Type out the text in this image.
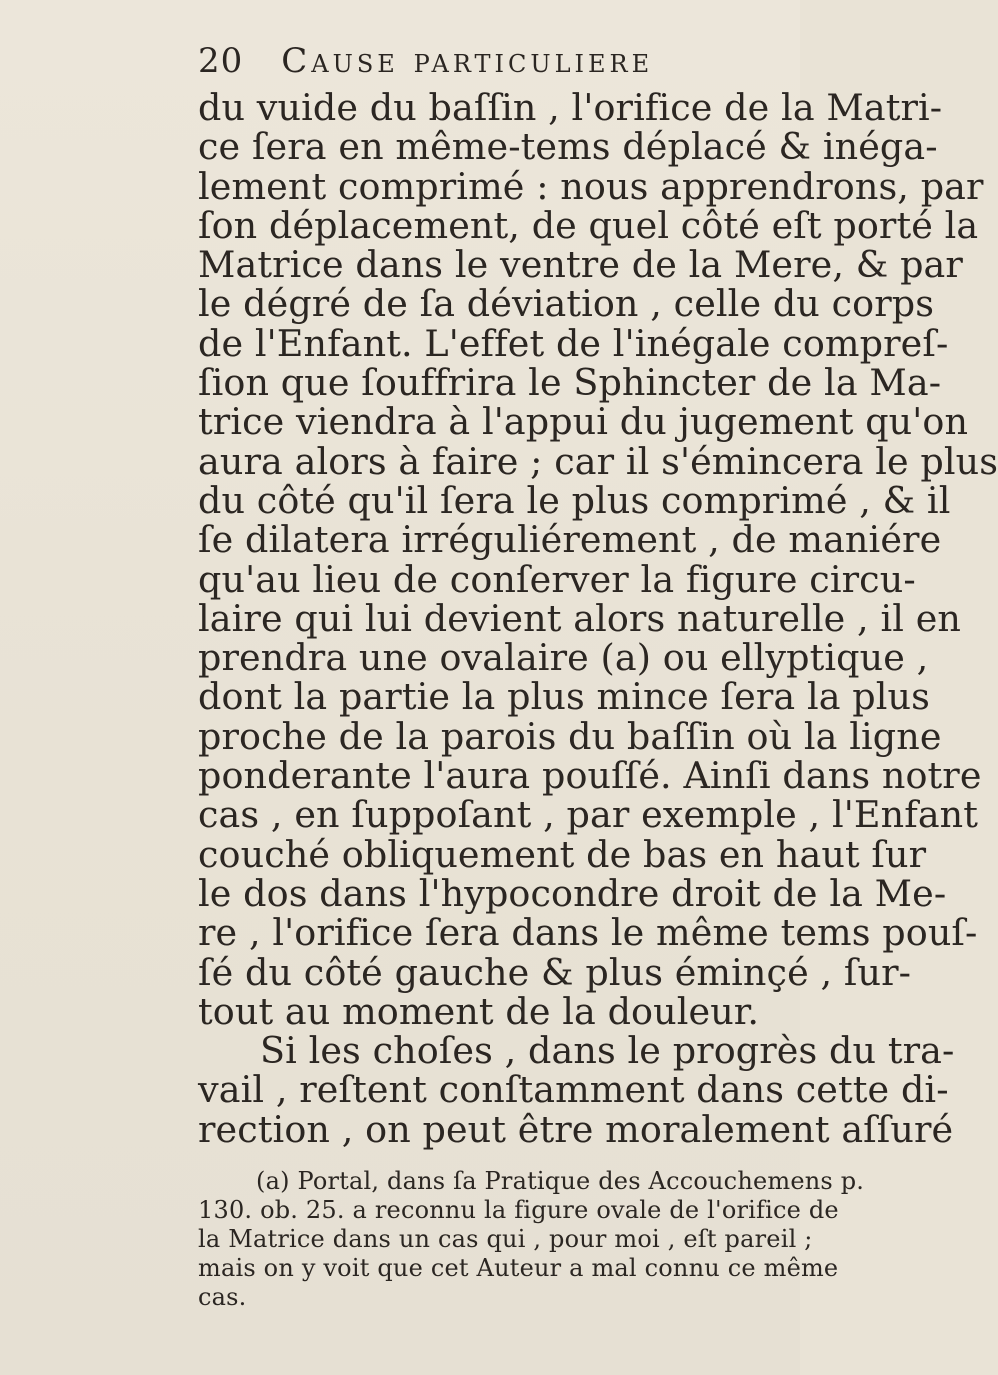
20 Cause particuliere
du vuide du baſſin , l'orifice de la Matri-
ce ſera en même-tems déplacé & inéga-
lement comprimé : nous apprendrons, par
ſon déplacement, de quel côté eſt porté la
Matrice dans le ventre de la Mere, & par
le dégré de ſa déviation , celle du corps
de l'Enfant. L'effet de l'inégale compreſ-
ſion que ſouffrira le Sphincter de la Ma-
trice viendra à l'appui du jugement qu'on
aura alors à faire ; car il s'émincera le plus
du côté qu'il ſera le plus comprimé , & il
ſe dilatera irréguliérement , de maniére
qu'au lieu de conſerver la figure circu-
laire qui lui devient alors naturelle , il en
prendra une ovalaire (a) ou ellyptique ,
dont la partie la plus mince ſera la plus
proche de la parois du baſſin où la ligne
ponderante l'aura pouſſé. Ainſi dans notre
cas , en ſuppoſant , par exemple , l'Enfant
couché obliquement de bas en haut ſur
le dos dans l'hypocondre droit de la Me-
re , l'orifice ſera dans le même tems pouſ-
ſé du côté gauche & plus éminçé , ſur-
tout au moment de la douleur.
Si les choſes , dans le progrès du tra-
vail , reſtent conſtamment dans cette di-
rection , on peut être moralement aſſuré
(a) Portal, dans ſa Pratique des Accouchemens p.
130. ob. 25. a reconnu la figure ovale de l'orifice de
la Matrice dans un cas qui , pour moi , eſt pareil ;
mais on y voit que cet Auteur a mal connu ce même
cas.
